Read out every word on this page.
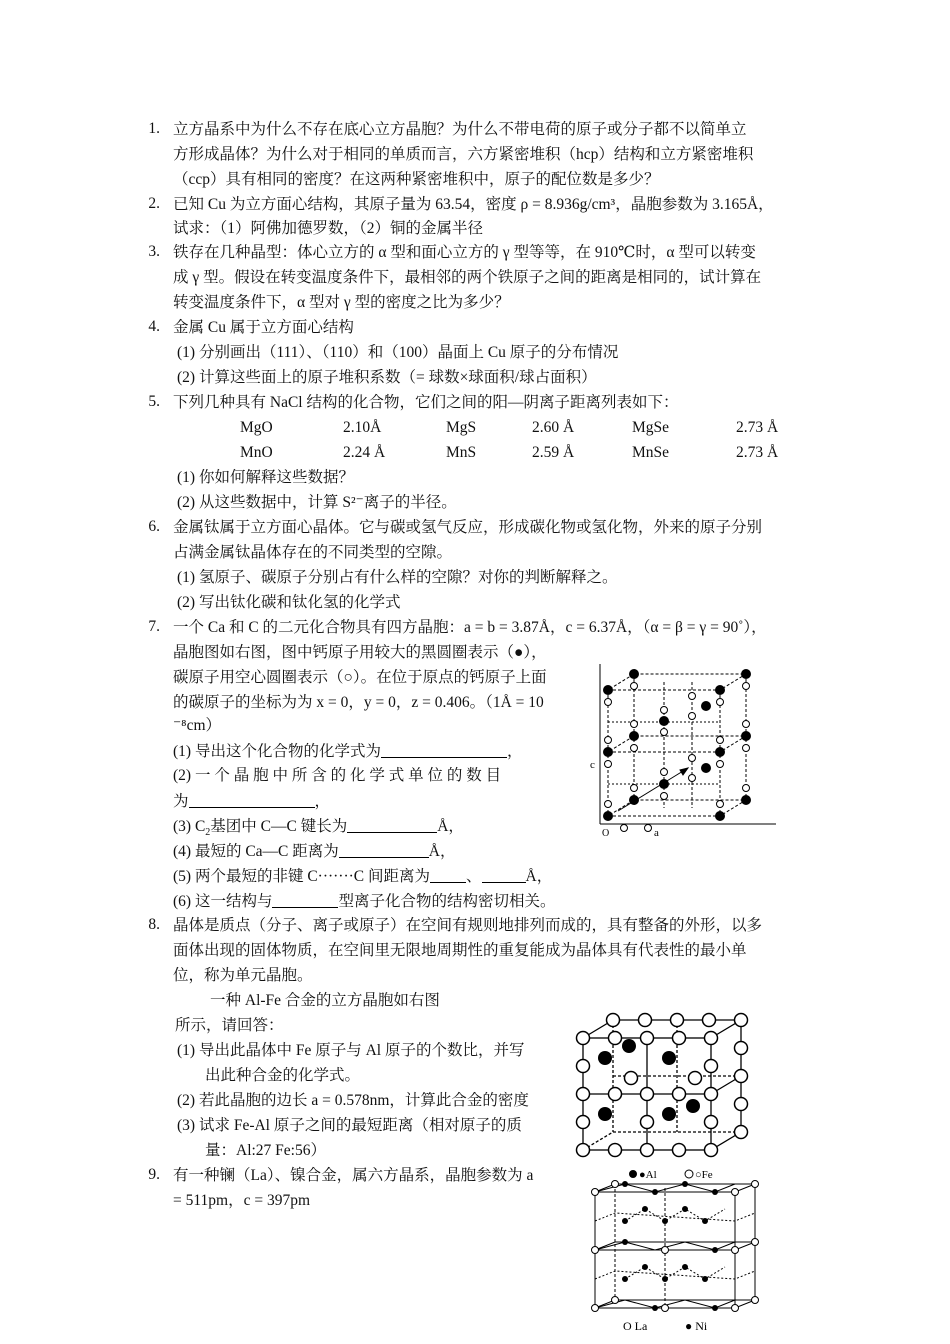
1. 立方晶系中为什么不存在底心立方晶胞？为什么不带电荷的原子或分子都不以简单立
方形成晶体？为什么对于相同的单质而言，六方紧密堆积（hcp）结构和立方紧密堆积
（ccp）具有相同的密度？在这两种紧密堆积中，原子的配位数是多少？
2. 已知 Cu 为立方面心结构，其原子量为 63.54，密度 ρ = 8.936g/cm³，晶胞参数为 3.165Å，
试求：（1）阿佛加德罗数，（2）铜的金属半径
3. 铁存在几种晶型：体心立方的 α 型和面心立方的 γ 型等等，在 910℃时，α 型可以转变
成 γ 型。假设在转变温度条件下，最相邻的两个铁原子之间的距离是相同的，试计算在
转变温度条件下，α 型对 γ 型的密度之比为多少？
4. 金属 Cu 属于立方面心结构
(1) 分别画出（111）、（110）和（100）晶面上 Cu 原子的分布情况
(2) 计算这些面上的原子堆积系数（= 球数×球面积/球占面积）
5. 下列几种具有 NaCl 结构的化合物，它们之间的阳—阴离子距离列表如下：
MgO	2.10Å	MgS	2.60 Å	MgSe	2.73 Å
MnO	2.24 Å	MnS	2.59 Å	MnSe	2.73 Å
(1) 你如何解释这些数据？
(2) 从这些数据中，计算 S²⁻离子的半径。
6. 金属钛属于立方面心晶体。它与碳或氢气反应，形成碳化物或氢化物，外来的原子分别
占满金属钛晶体存在的不同类型的空隙。
(1) 氢原子、碳原子分别占有什么样的空隙？对你的判断解释之。
(2) 写出钛化碳和钛化氢的化学式
7. 一个 Ca 和 C 的二元化合物具有四方晶胞：a = b = 3.87Å，c = 6.37Å，（α = β = γ = 90˚），
晶胞图如右图，图中钙原子用较大的黑圆圈表示（●），
碳原子用空心圆圈表示（○）。在位于原点的钙原子上面
的碳原子的坐标为为 x = 0，y = 0，z = 0.406。（1Å = 10
⁻⁸cm）
(1) 导出这个化合物的化学式为	，
(2) 一 个 晶 胞 中 所 含 的 化 学 式 单 位 的 数 目
为	，
(3) $C_2$基团中 C—C 键长为	Å，
(4) 最短的 Ca—C 距离为	Å，
(5) 两个最短的非键 C·······C 间距离为 、	Å，
(6) 这一结构与	型离子化合物的结构密切相关。
c
a
O
8. 晶体是质点（分子、离子或原子）在空间有规则地排列而成的，具有整备的外形，以多
面体出现的固体物质，在空间里无限地周期性的重复能成为晶体具有代表性的最小单
位，称为单元晶胞。
一种 Al-Fe 合金的立方晶胞如右图
所示，请回答：
(1) 导出此晶体中 Fe 原子与 Al 原子的个数比，并写
出此种合金的化学式。
(2) 若此晶胞的边长 a = 0.578nm，计算此合金的密度
(3) 试求 Fe-Al 原子之间的最短距离（相对原子的质
量：Al:27 Fe:56）
9. 有一种镧（La）、镍合金，属六方晶系，晶胞参数为 a
= 511pm，c = 397pm
●Al	○Fe
O La	● Ni
